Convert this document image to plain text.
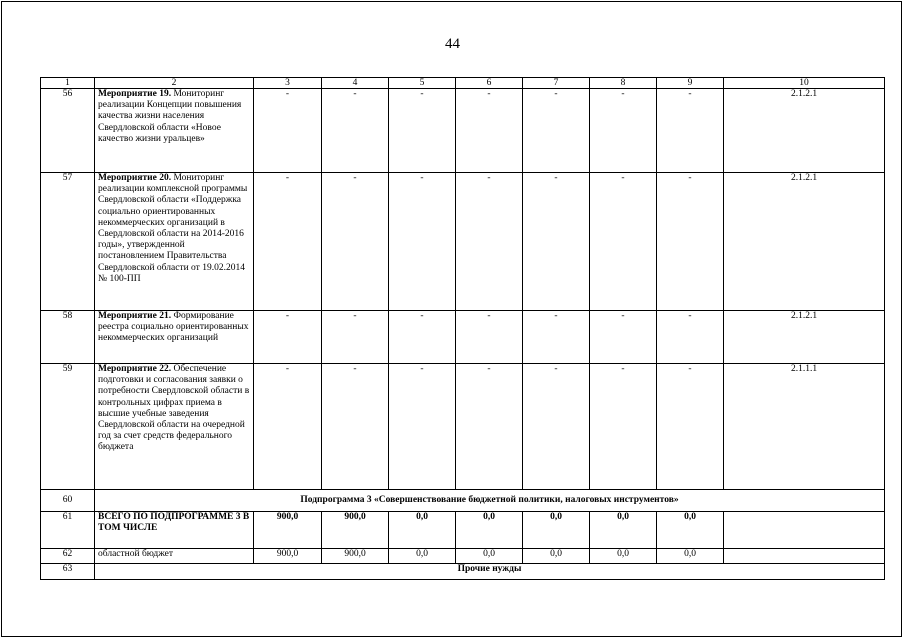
44
1	2	3	4	5	6	7	8	9	10
56	Мероприятие 19. Мониторинг реализации Концепции повышения качества жизни населения Свердловской области «Новое качество жизни уральцев»	-	-	-	-	-	-	-	2.1.2.1
57	Мероприятие 20. Мониторинг реализации комплексной программы Свердловской области «Поддержка социально ориентированных некоммерческих организаций в Свердловской области на 2014-2016 годы», утвержденной постановлением Правительства Свердловской области от 19.02.2014 № 100-ПП	-	-	-	-	-	-	-	2.1.2.1
58	Мероприятие 21. Формирование реестра социально ориентированных некоммерческих организаций	-	-	-	-	-	-	-	2.1.2.1
59	Мероприятие 22. Обеспечение подготовки и согласования заявки о потребности Свердловской области в контрольных цифрах приема в высшие учебные заведения Свердловской области на очередной год за счет средств федерального бюджета	-	-	-	-	-	-	-	2.1.1.1
60	Подпрограмма 3 «Совершенствование бюджетной политики, налоговых инструментов»								
61	ВСЕГО ПО ПОДПРОГРАММЕ 3 В ТОМ ЧИСЛЕ	900,0	900,0	0,0	0,0	0,0	0,0	0,0	
62	областной бюджет	900,0	900,0	0,0	0,0	0,0	0,0	0,0	
63	Прочие нужды								
